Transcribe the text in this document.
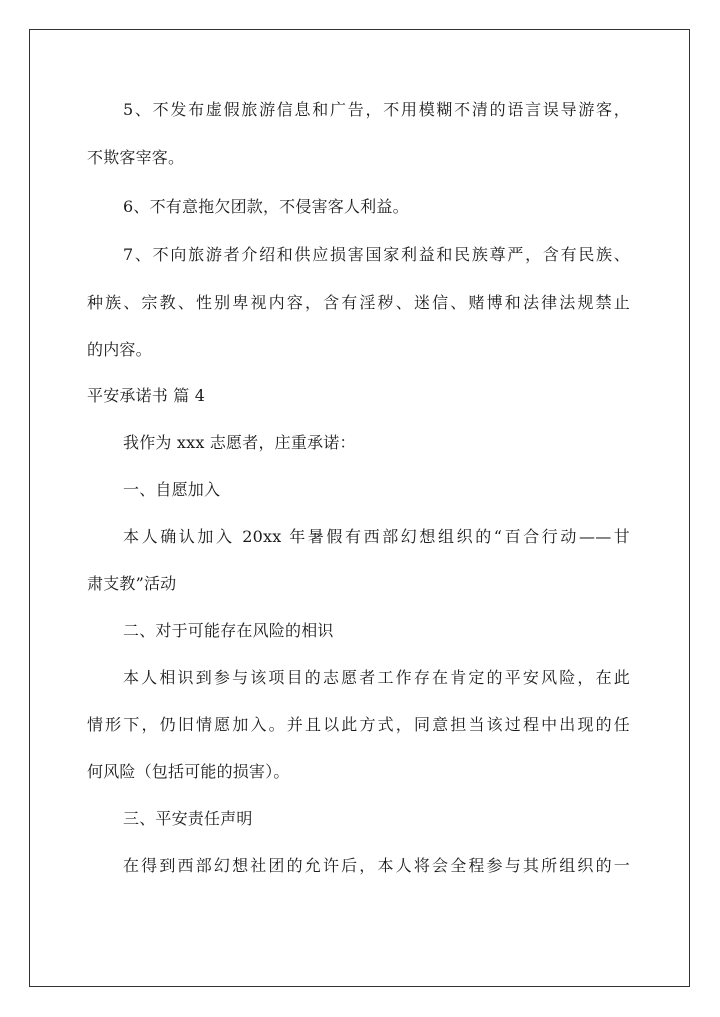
5、不发布虚假旅游信息和广告，不用模糊不清的语言误导游客，
不欺客宰客。
6、不有意拖欠团款，不侵害客人利益。
7、不向旅游者介绍和供应损害国家利益和民族尊严，含有民族、
种族、宗教、性别卑视内容，含有淫秽、迷信、赌博和法律法规禁止
的内容。
平安承诺书 篇 4
我作为 xxx 志愿者，庄重承诺：
一、自愿加入
本人确认加入 20xx 年暑假有西部幻想组织的“百合行动——甘
肃支教”活动
二、对于可能存在风险的相识
本人相识到参与该项目的志愿者工作存在肯定的平安风险，在此
情形下，仍旧情愿加入。并且以此方式，同意担当该过程中出现的任
何风险（包括可能的损害）。
三、平安责任声明
在得到西部幻想社团的允许后，本人将会全程参与其所组织的一
